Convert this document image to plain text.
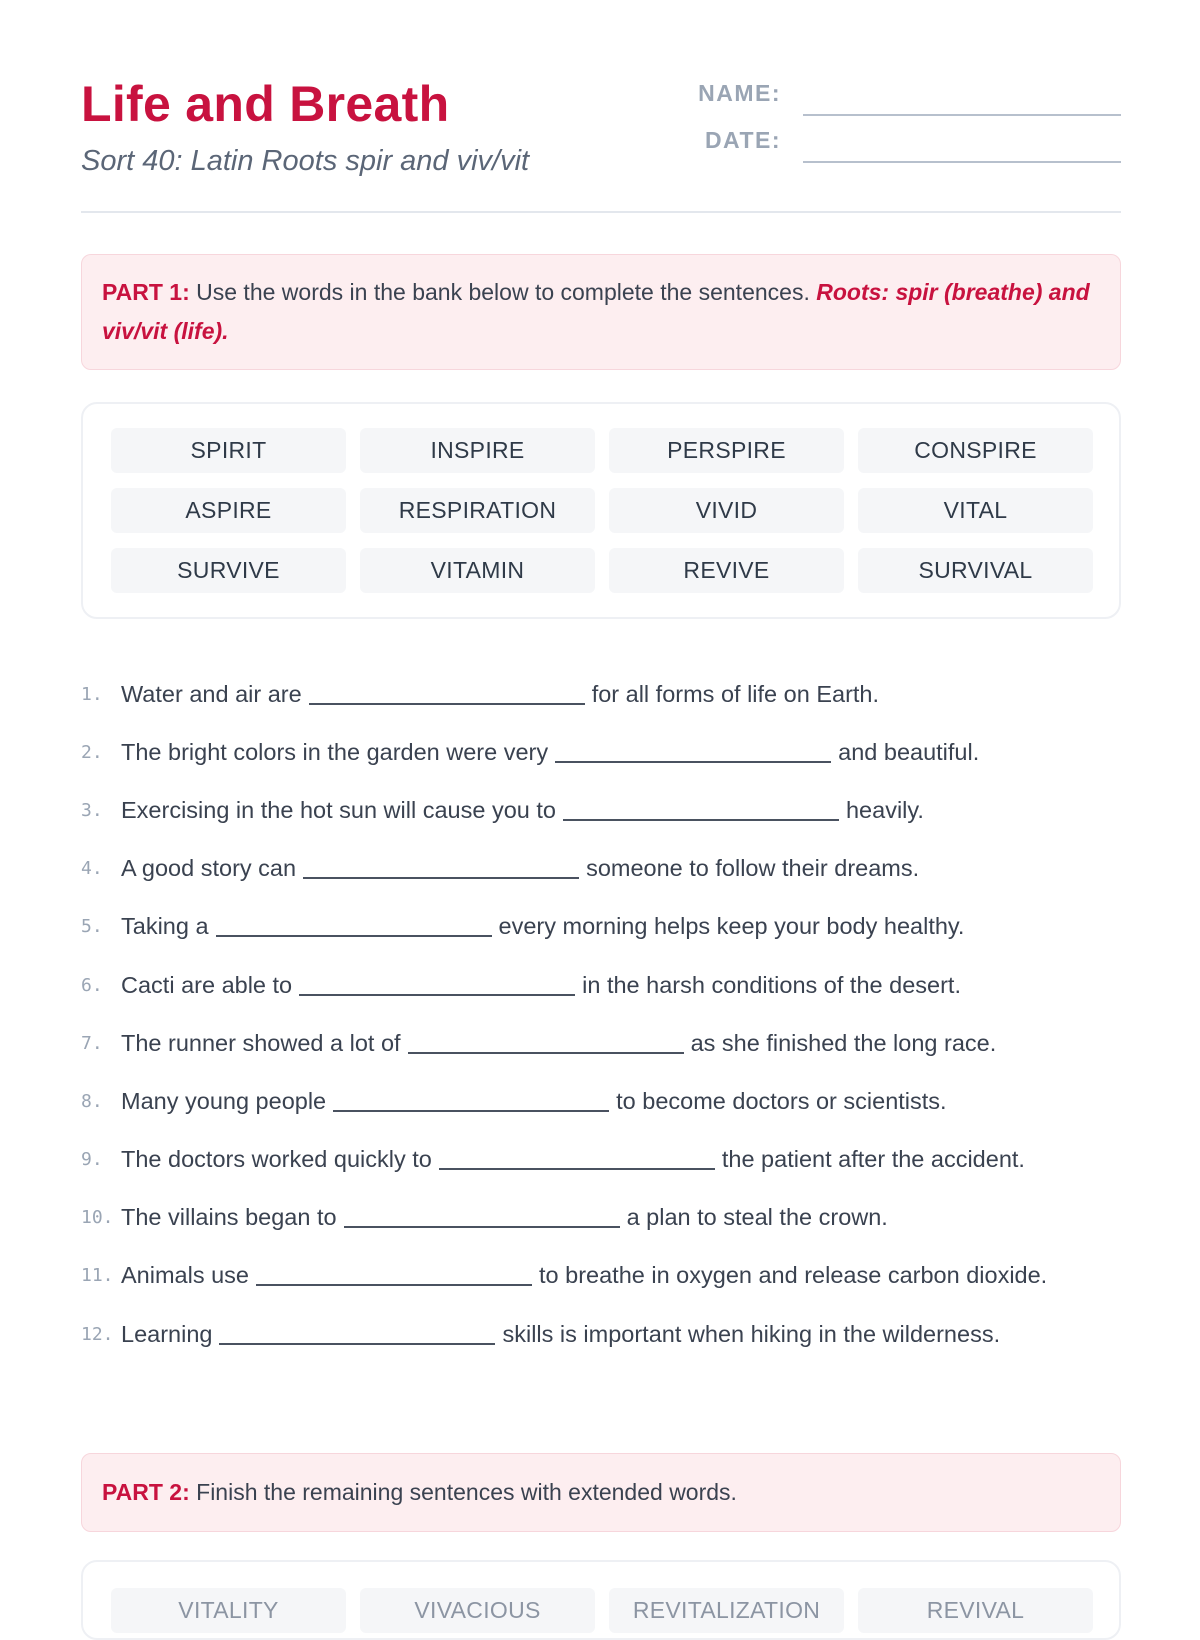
Life and Breath
Sort 40: Latin Roots spir and viv/vit
NAME:
DATE:
PART 1: Use the words in the bank below to complete the sentences. Roots: spir (breathe) and viv/vit (life).
SPIRIT	INSPIRE	PERSPIRE	CONSPIRE
ASPIRE	RESPIRATION	VIVID	VITAL
SURVIVE	VITAMIN	REVIVE	SURVIVAL
1. Water and air are	for all forms of life on Earth.
2. The bright colors in the garden were very	and beautiful.
3. Exercising in the hot sun will cause you to	heavily.
4. A good story can	someone to follow their dreams.
5. Taking a	every morning helps keep your body healthy.
6. Cacti are able to	in the harsh conditions of the desert.
7. The runner showed a lot of	as she finished the long race.
8. Many young people	to become doctors or scientists.
9. The doctors worked quickly to	the patient after the accident.
10. The villains began to	a plan to steal the crown.
11. Animals use	to breathe in oxygen and release carbon dioxide.
12. Learning	skills is important when hiking in the wilderness.
PART 2: Finish the remaining sentences with extended words.
VITALITY	VIVACIOUS	REVITALIZATION	REVIVAL
